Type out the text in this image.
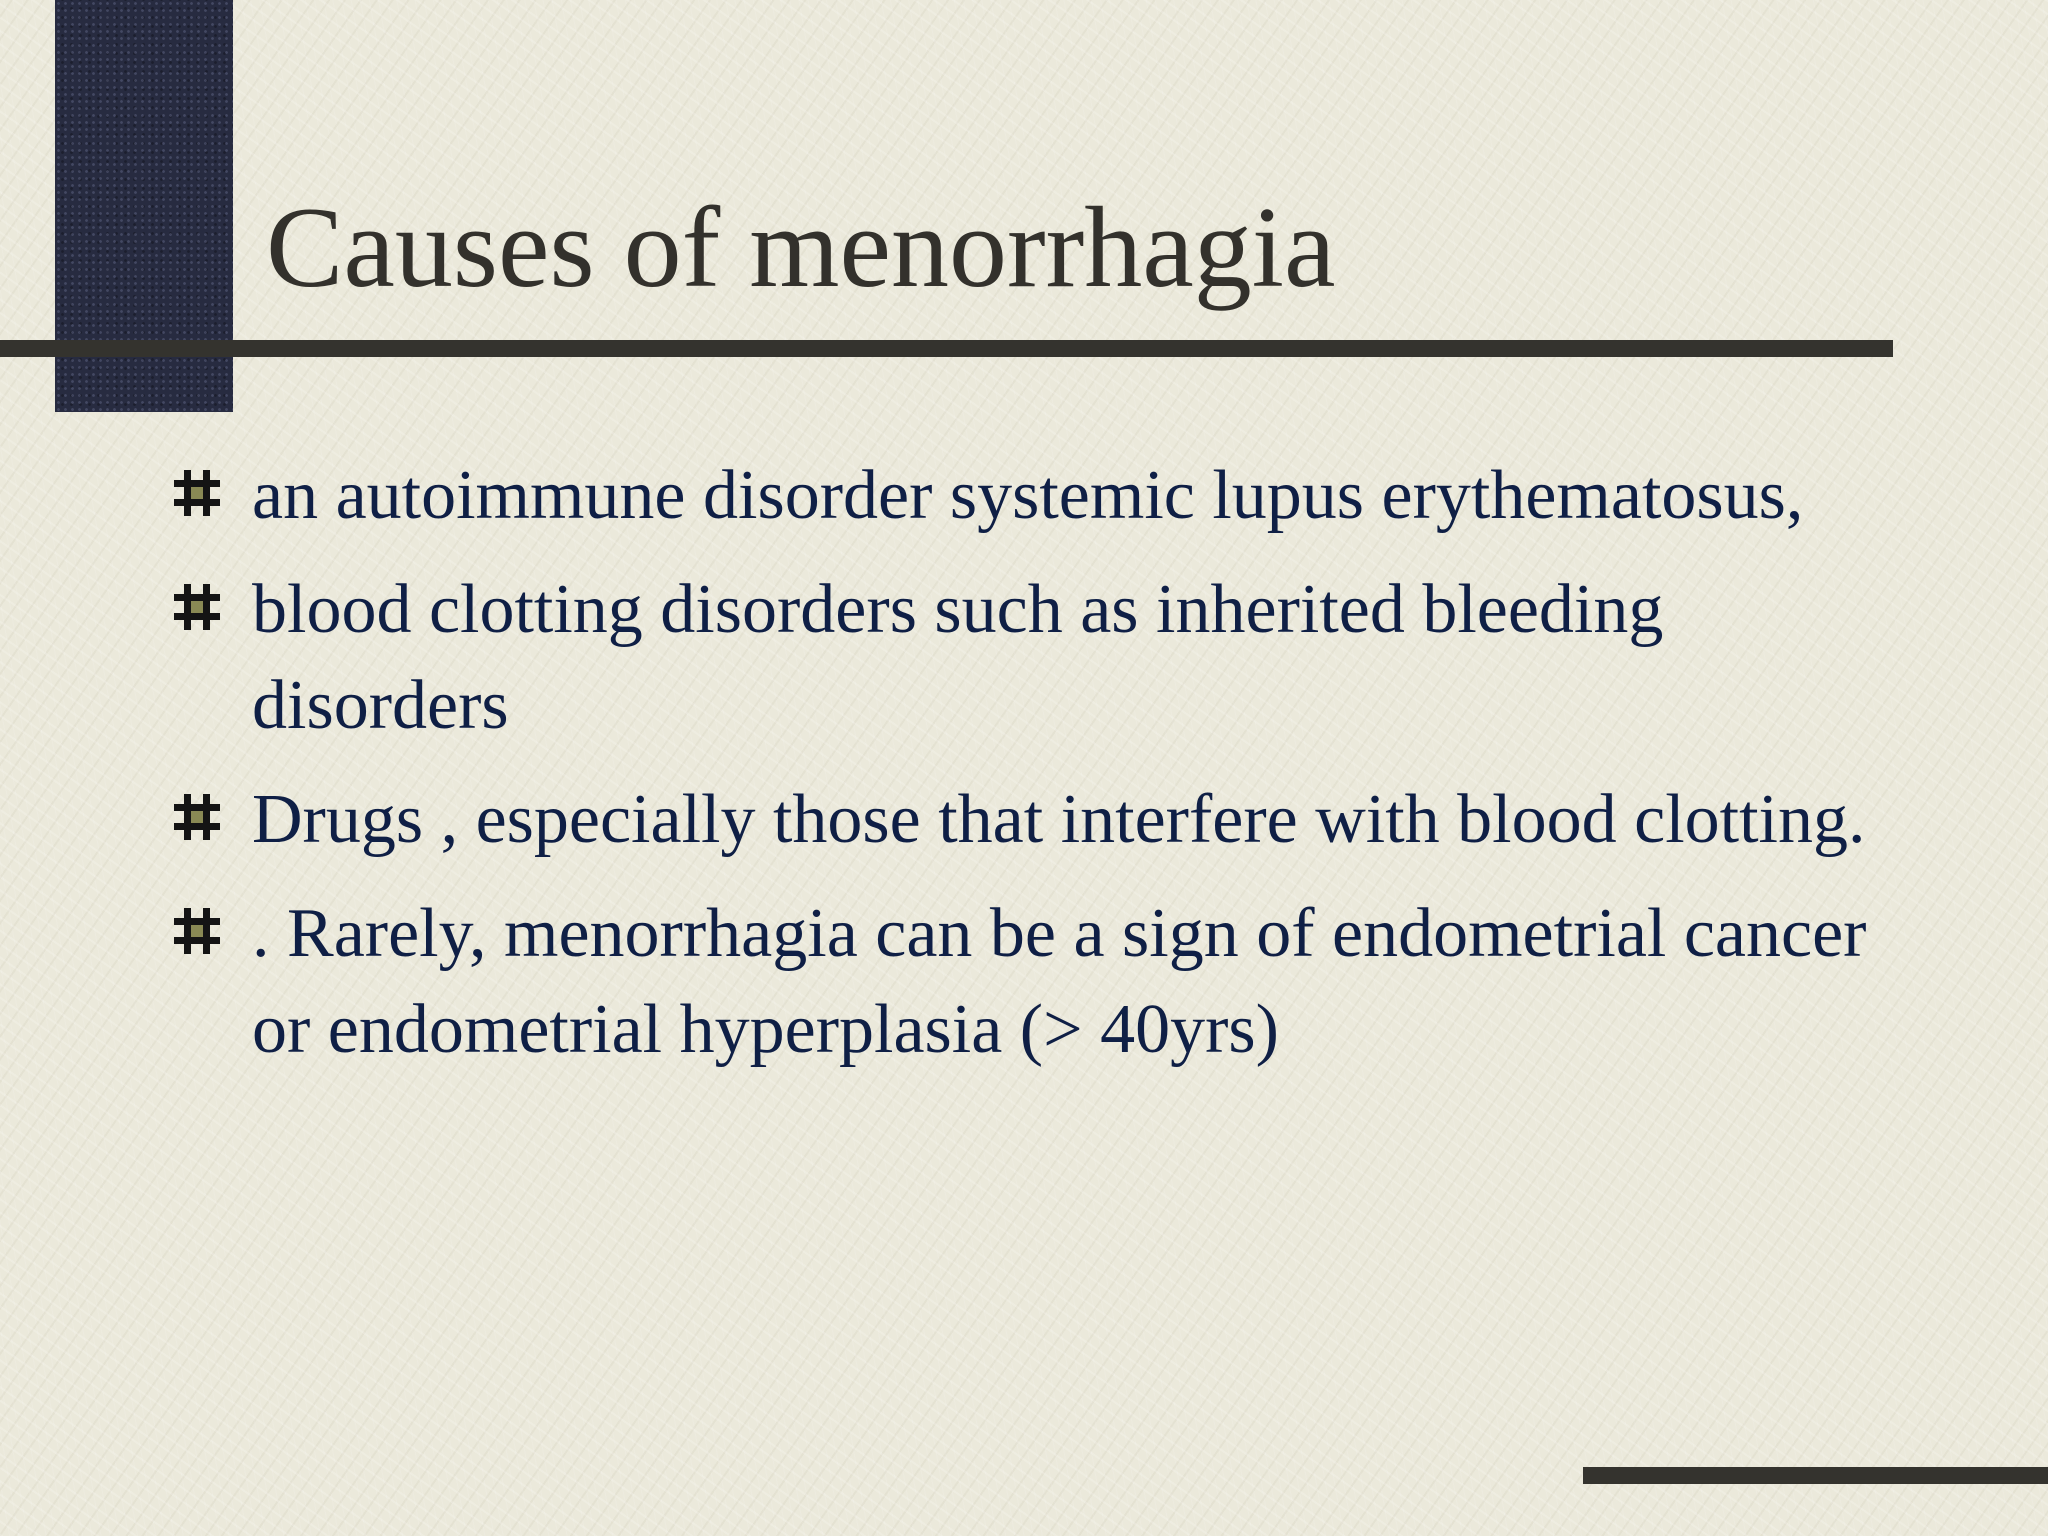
Causes of menorrhagia
an autoimmune disorder systemic lupus erythematosus,
blood clotting disorders such as inherited bleeding disorders
Drugs , especially those that interfere with blood clotting.
. Rarely, menorrhagia can be a sign of endometrial cancer or endometrial hyperplasia (˃ 40yrs)
